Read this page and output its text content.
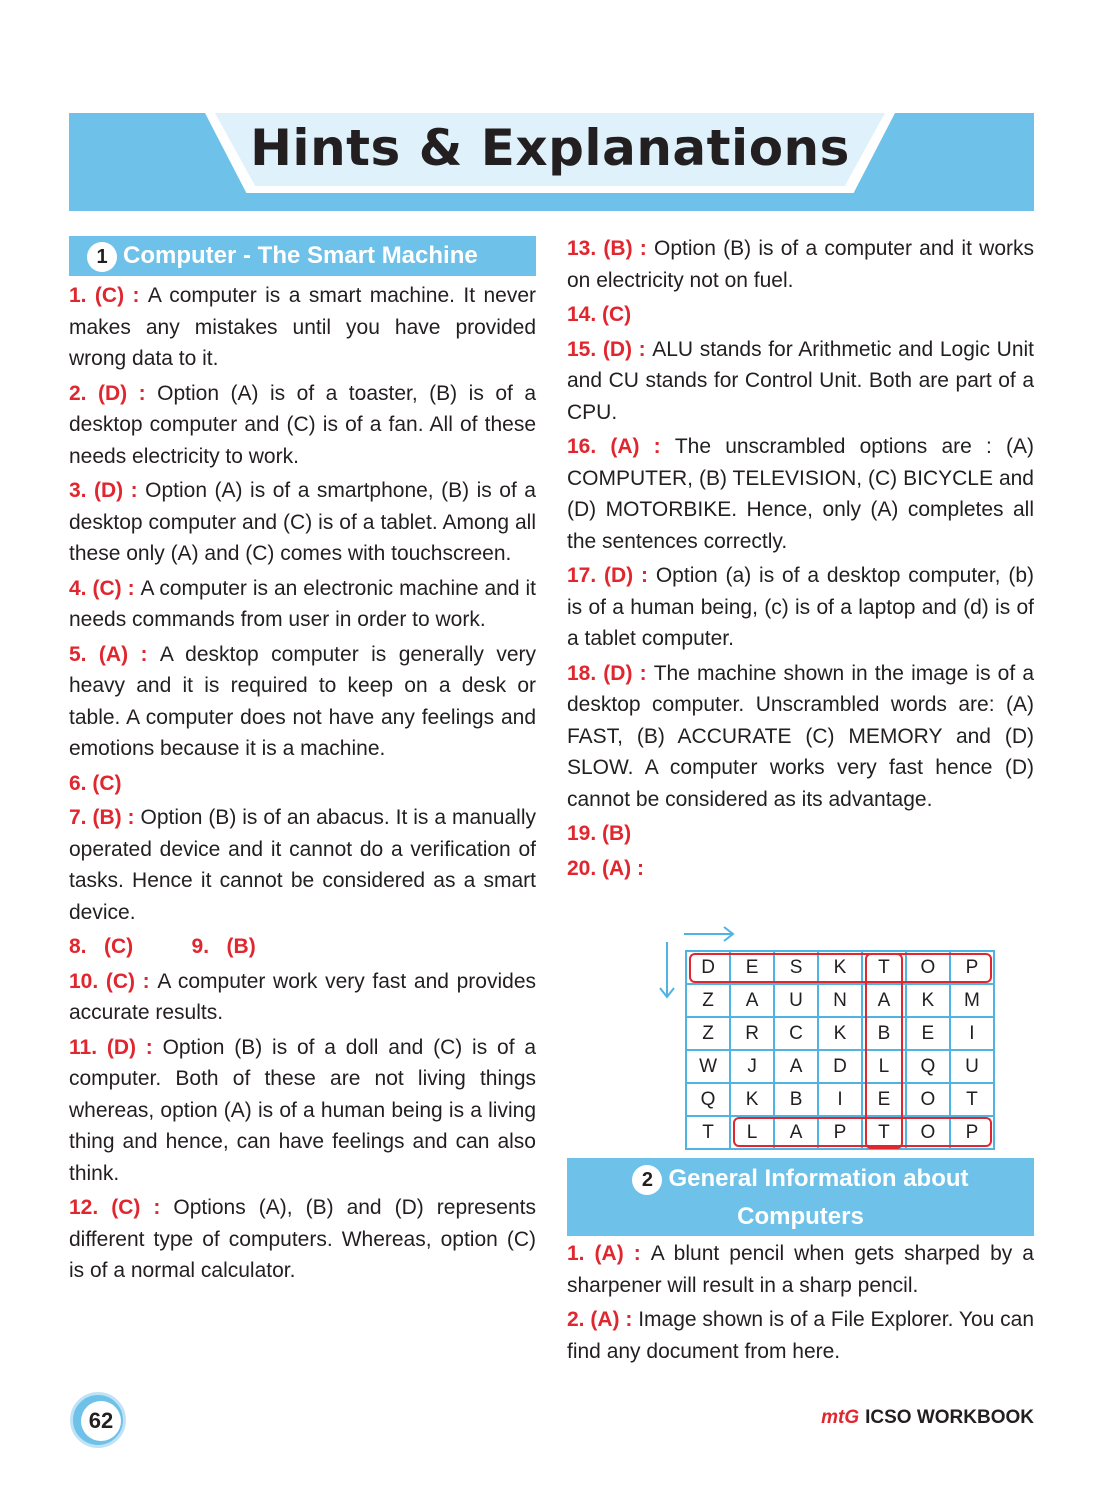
Hints & Explanations
1 Computer - The Smart Machine

1. (C) : A computer is a smart machine. It never makes any mistakes until you have provided wrong data to it.

2. (D) : Option (A) is of a toaster, (B) is of a desktop computer and (C) is of a fan. All of these needs electricity to work.

3. (D) : Option (A) is of a smartphone, (B) is of a desktop computer and (C) is of a tablet. Among all these only (A) and (C) comes with touchscreen.

4. (C) : A computer is an electronic machine and it needs commands from user in order to work.

5. (A) : A desktop computer is generally very heavy and it is required to keep on a desk or table. A computer does not have any feelings and emotions because it is a machine.

6. (C)

7. (B) : Option (B) is of an abacus. It is a manually operated device and it cannot do a verification of tasks. Hence it cannot be considered as a smart device.

8.   (C)          9.   (B)

10. (C) : A computer work very fast and provides accurate results.

11. (D) : Option (B) is of a doll and (C) is of a computer. Both of these are not living things whereas, option (A) is of a human being is a living thing and hence, can have feelings and can also think.

12. (C) : Options (A), (B) and (D) represents different type of computers. Whereas, option (C) is of a normal calculator.

13. (B) : Option (B) is of a computer and it works on electricity not on fuel.

14. (C)

15. (D) : ALU stands for Arithmetic and Logic Unit and CU stands for Control Unit. Both are part of a CPU.

16. (A) : The unscrambled options are : (A) COMPUTER, (B) TELEVISION, (C) BICYCLE and (D) MOTORBIKE. Hence, only (A) completes all the sentences correctly.

17. (D) : Option (a) is of a desktop computer, (b) is of a human being, (c) is of a laptop and (d) is of a tablet computer.

18. (D) : The machine shown in the image is of a desktop computer. Unscrambled words are: (A) FAST, (B) ACCURATE (C) MEMORY and (D) SLOW. A computer works very fast hence (D) cannot be considered as its advantage.

19. (B)

20. (A) :

D	E	S	K	T	O	P
Z	A	U	N	A	K	M
Z	R	C	K	B	E	I
W	J	A	D	L	Q	U
Q	K	B	I	E	O	T
T	L	A	P	T	O	P
2 General Information about
Computers

1. (A) : A blunt pencil when gets sharped by a sharpener will result in a sharp pencil.

2. (A) : Image shown is of a File Explorer. You can find any document from here.

62	mtG ICSO WORKBOOK
